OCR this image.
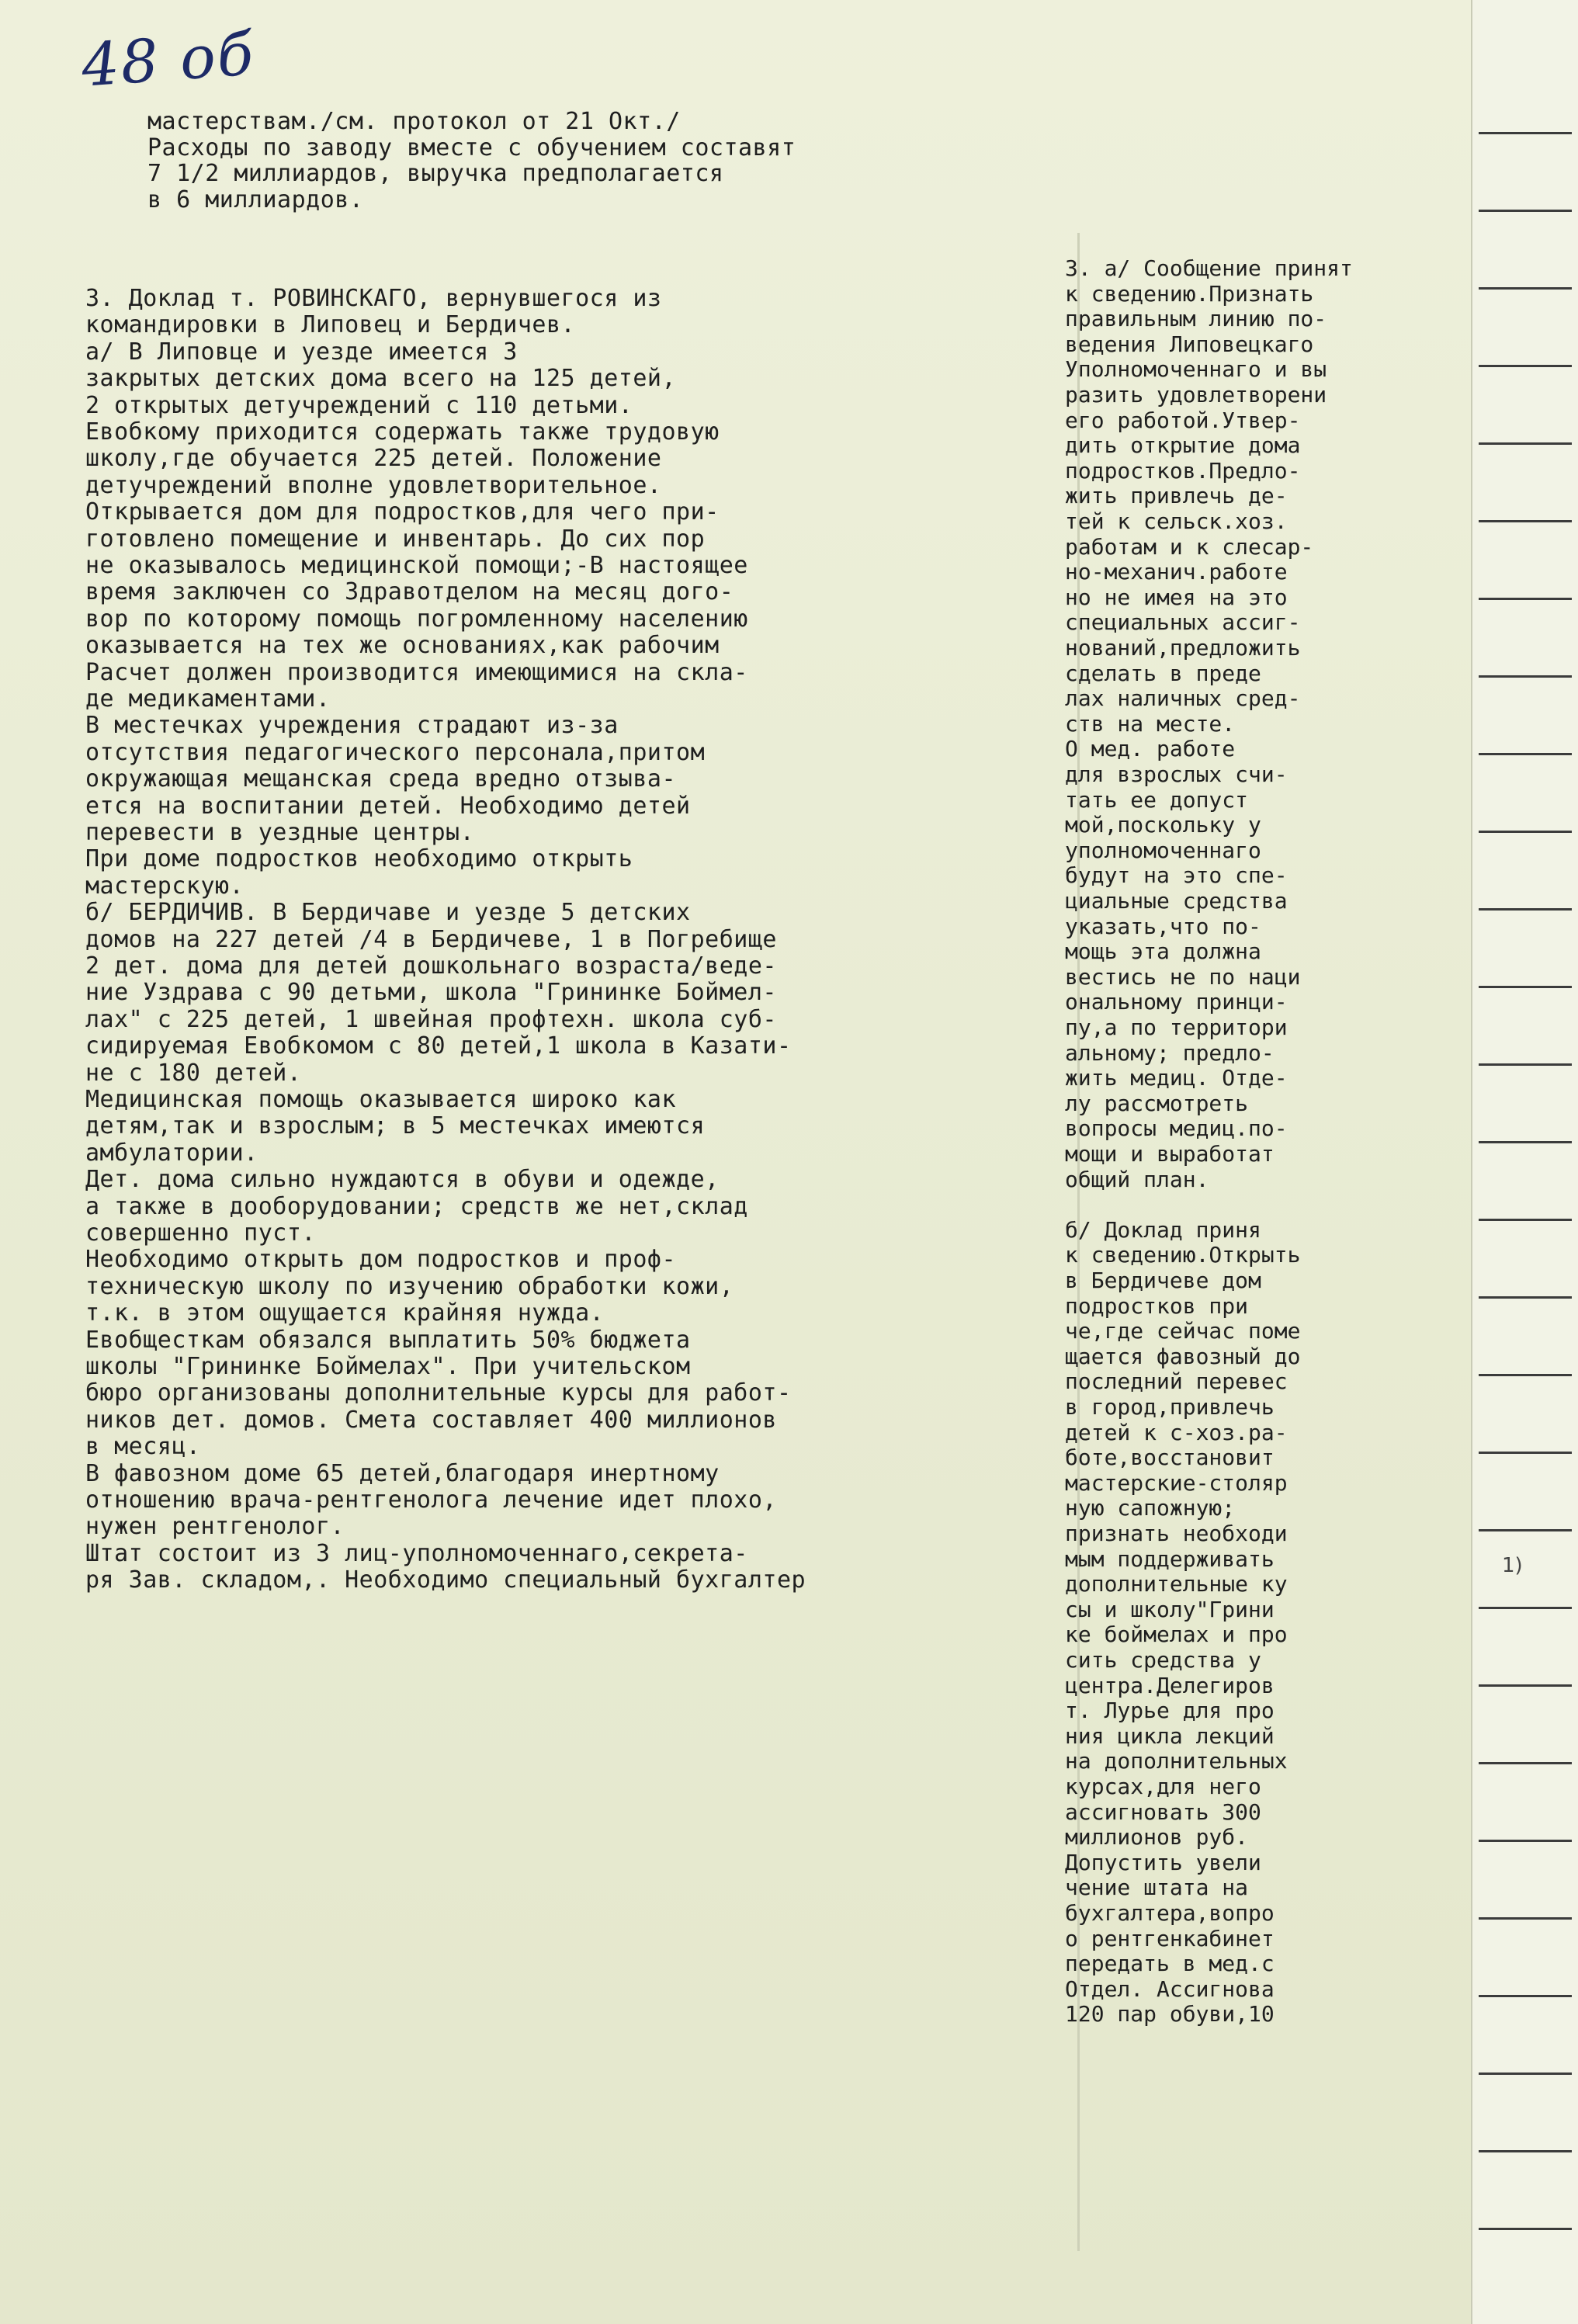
48 об
мастерствам./см. протокол от 21 Окт./
Расходы по заводу вместе с обучением составят
7 1/2 миллиардов, выручка предполагается
в 6 миллиардов.
3. Доклад т. РОВИНСКАГО, вернувшегося из
командировки в Липовец и Бердичев.
а/ В Липовце и уезде имеется 3
закрытых детских дома всего на 125 детей,
2 открытых детучреждений с 110 детьми.
Евобкому приходится содержать также трудовую
школу,где обучается 225 детей. Положение
детучреждений вполне удовлетворительное.
Открывается дом для подростков,для чего при-
готовлено помещение и инвентарь. До сих пор
не оказывалось медицинской помощи;-В настоящее
время заключен со Здравотделом на месяц дого-
вор по которому помощь погромленному населению
оказывается на тех же основаниях,как рабочим
Расчет должен производится имеющимися на скла-
де медикаментами.
В местечках учреждения страдают из-за
отсутствия педагогического персонала,притом
окружающая мещанская среда вредно отзыва-
ется на воспитании детей. Необходимо детей
перевести в уездные центры.
При доме подростков необходимо открыть
мастерскую.
б/ БЕРДИЧИВ. В Бердичаве и уезде 5 детских
домов на 227 детей /4 в Бердичеве, 1 в Погребище
2 дет. дома для детей дошкольнаго возраста/веде-
ние Уздрава с 90 детьми, школа "Грининке Боймел-
лах" с 225 детей, 1 швейная профтехн. школа суб-
сидируемая Евобкомом с 80 детей,1 школа в Казати-
не с 180 детей.
Медицинская помощь оказывается широко как
детям,так и взрослым; в 5 местечках имеются
амбулатории.
Дет. дома сильно нуждаются в обуви и одежде,
а также в дооборудовании; средств же нет,склад
совершенно пуст.
Необходимо открыть дом подростков и проф-
техническую школу по изучению обработки кожи,
т.к. в этом ощущается крайняя нужда.
Евобщесткам обязался выплатить 50% бюджета
школы "Грининке Боймелах". При учительском
бюро организованы дополнительные курсы для работ-
ников дет. домов. Смета составляет 400 миллионов
в месяц.
В фавозном доме 65 детей,благодаря инертному
отношению врача-рентгенолога лечение идет плохо,
нужен рентгенолог.
Штат состоит из 3 лиц-уполномоченнаго,секрета-
ря Зав. складом,. Необходимо специальный бухгалтер
3. а/ Сообщение принят
к сведению.Признать
правильным линию по-
ведения Липовецкаго
Уполномоченнаго и вы
разить удовлетворени
его работой.Утвер-
дить открытие дома
подростков.Предло-
жить привлечь де-
тей к сельск.хоз.
работам и к слесар-
но-механич.работе
но не имея на это
специальных ассиг-
нований,предложить
сделать в преде
лах наличных сред-
ств на месте.
О мед. работе
для взрослых счи-
тать ее допуст
мой,поскольку у
уполномоченнаго
будут на это спе-
циальные средства
указать,что по-
мощь эта должна
вестись не по наци
ональному принци-
пу,а по территори
альному; предло-
жить медиц. Отде-
лу рассмотреть
вопросы медиц.по-
мощи и выработат
общий план.
б/ Доклад приня
к сведению.Открыть
в Бердичеве дом
подростков при
че,где сейчас поме
щается фавозный до
последний перевес
в город,привлечь
детей к с-хоз.ра-
боте,восстановит
мастерские-столяр
ную сапожную;
признать необходи
мым поддерживать
дополнительные ку
сы и школу"Грини
ке боймелах и про
сить средства у
центра.Делегиров
т. Лурье для про
ния цикла лекций
на дополнительных
курсах,для него
ассигновать 300
миллионов руб.
Допустить увели
чение штата на
бухгалтера,вопро
о рентгенкабинет
передать в мед.с
Отдел. Ассигнова
120 пар обуви,10
1)
